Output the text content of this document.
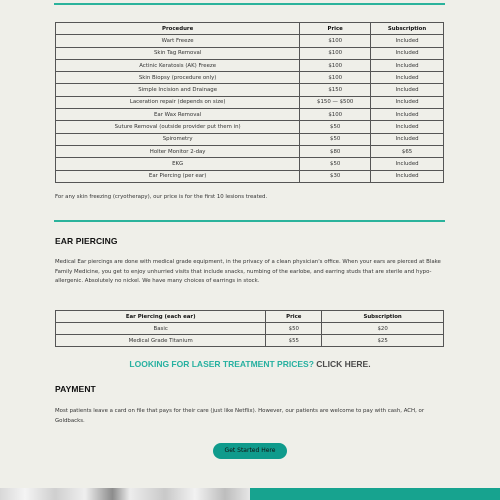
Procedure	Price	Subscription
Wart Freeze	$100	Included
Skin Tag Removal	$100	Included
Actinic Keratosis (AK) Freeze	$100	Included
Skin Biopsy (procedure only)	$100	Included
Simple Incision and Drainage	$150	Included
Laceration repair (depends on size)	$150 — $500	Included
Ear Wax Removal	$100	Included
Suture Removal (outside provider put them in)	$50	Included
Spirometry	$50	Included
Holter Monitor 2-day	$80	$65
EKG	$50	Included
Ear Piercing (per ear)	$30	Included
For any skin freezing (cryotherapy), our price is for the first 10 lesions treated.
EAR PIERCING
Medical Ear piercings are done with medical grade equipment, in the privacy of a clean physician's office. When your ears are pierced at Blake Family Medicine, you get to enjoy unhurried visits that include snacks, numbing of the earlobe, and earring studs that are sterile and hypo-allergenic. Absolutely no nickel. We have many choices of earrings in stock.
Ear Piercing (each ear)	Price	Subscription
Basic	$50	$20
Medical Grade Titanium	$55	$25
LOOKING FOR LASER TREATMENT PRICES? CLICK HERE.
PAYMENT
Most patients leave a card on file that pays for their care (just like Netflix). However, our patients are welcome to pay with cash, ACH, or Goldbacks.
Get Started Here
